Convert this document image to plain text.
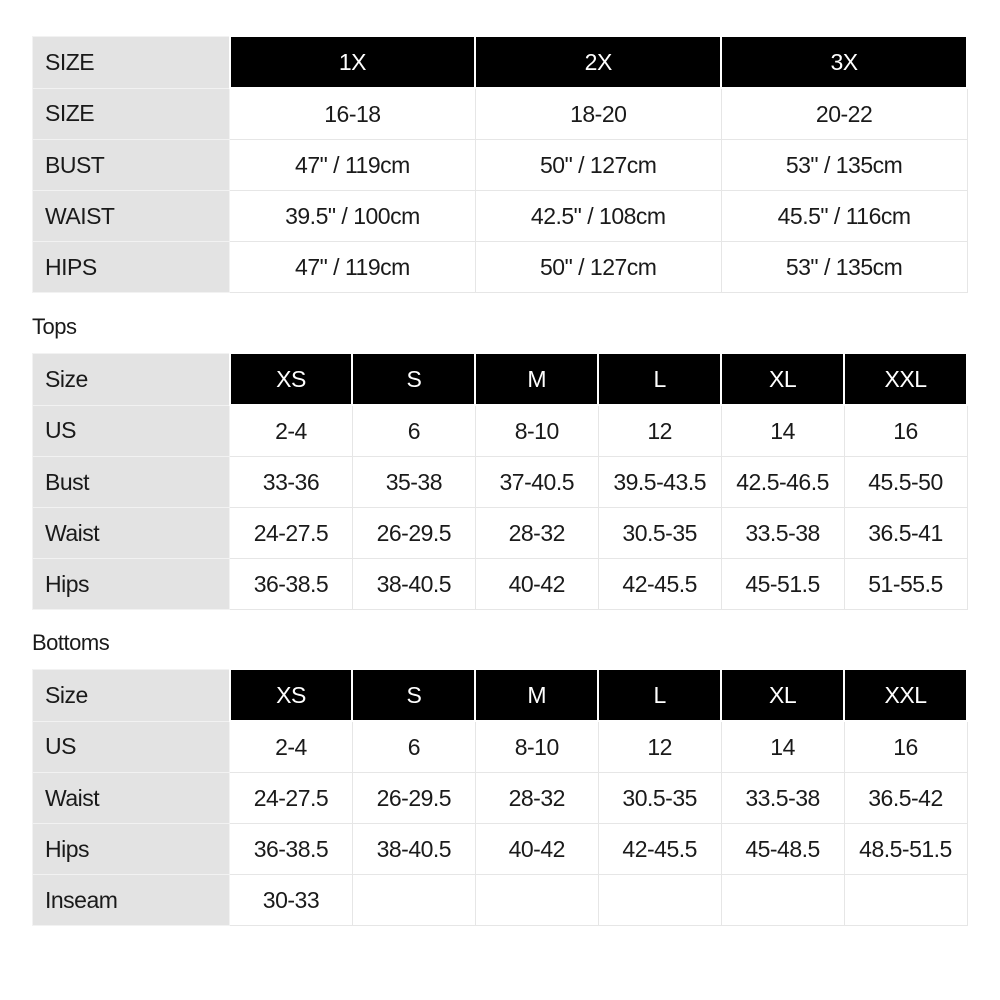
SIZE	1X	2X	3X
SIZE	16-18	18-20	20-22
BUST	47" / 119cm	50" / 127cm	53" / 135cm
WAIST	39.5" / 100cm	42.5" / 108cm	45.5" / 116cm
HIPS	47" / 119cm	50" / 127cm	53" / 135cm
Tops
Size	XS	S	M	L	XL	XXL
US	2-4	6	8-10	12	14	16
Bust	33-36	35-38	37-40.5	39.5-43.5	42.5-46.5	45.5-50
Waist	24-27.5	26-29.5	28-32	30.5-35	33.5-38	36.5-41
Hips	36-38.5	38-40.5	40-42	42-45.5	45-51.5	51-55.5
Bottoms
Size	XS	S	M	L	XL	XXL
US	2-4	6	8-10	12	14	16
Waist	24-27.5	26-29.5	28-32	30.5-35	33.5-38	36.5-42
Hips	36-38.5	38-40.5	40-42	42-45.5	45-48.5	48.5-51.5
Inseam	30-33					
